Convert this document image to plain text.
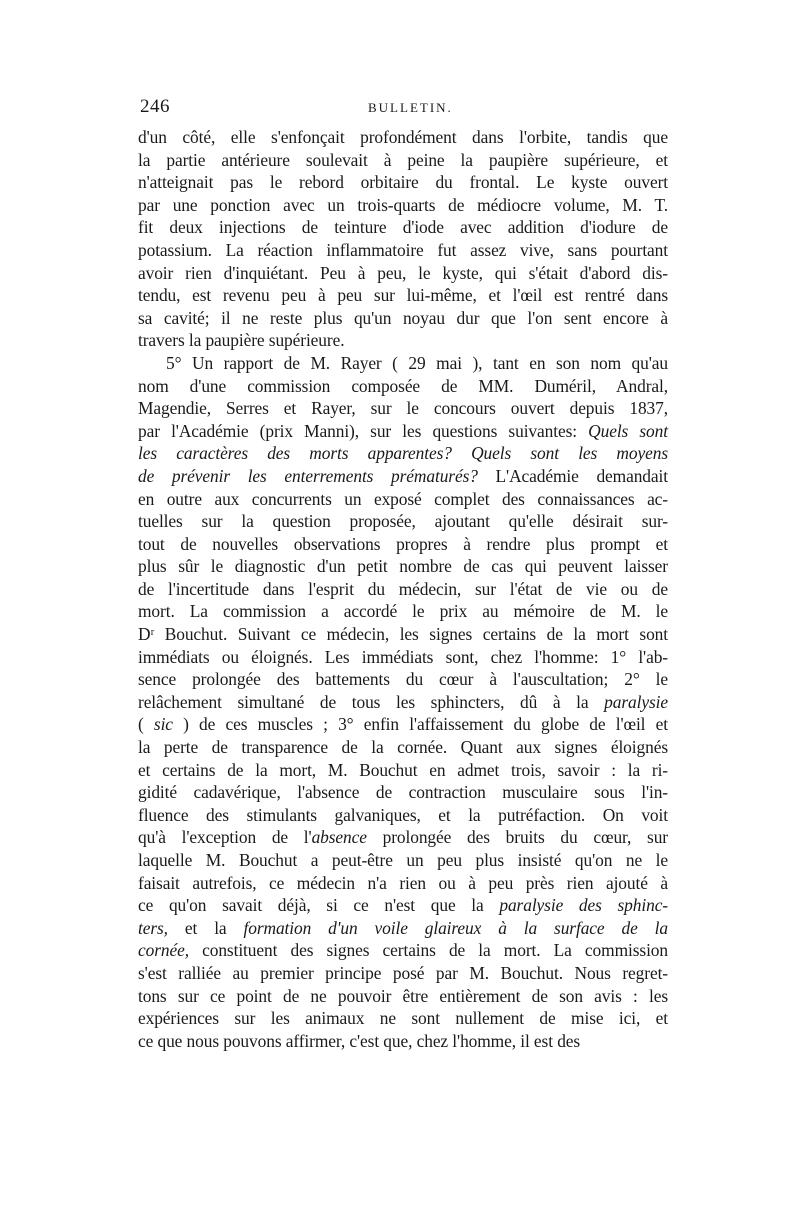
246	BULLETIN.
d'un côté, elle s'enfonçait profondément dans l'orbite, tandis que
la partie antérieure soulevait à peine la paupière supérieure, et
n'atteignait pas le rebord orbitaire du frontal. Le kyste ouvert
par une ponction avec un trois-quarts de médiocre volume, M. T.
fit deux injections de teinture d'iode avec addition d'iodure de
potassium. La réaction inflammatoire fut assez vive, sans pourtant
avoir rien d'inquiétant. Peu à peu, le kyste, qui s'était d'abord dis-
tendu, est revenu peu à peu sur lui-même, et l'œil est rentré dans
sa cavité; il ne reste plus qu'un noyau dur que l'on sent encore à
travers la paupière supérieure.
5° Un rapport de M. Rayer ( 29 mai ), tant en son nom qu'au
nom d'une commission composée de MM. Duméril, Andral,
Magendie, Serres et Rayer, sur le concours ouvert depuis 1837,
par l'Académie (prix Manni), sur les questions suivantes: Quels sont
les caractères des morts apparentes? Quels sont les moyens
de prévenir les enterrements prématurés? L'Académie demandait
en outre aux concurrents un exposé complet des connaissances ac-
tuelles sur la question proposée, ajoutant qu'elle désirait sur-
tout de nouvelles observations propres à rendre plus prompt et
plus sûr le diagnostic d'un petit nombre de cas qui peuvent laisser
de l'incertitude dans l'esprit du médecin, sur l'état de vie ou de
mort. La commission a accordé le prix au mémoire de M. le
Dʳ Bouchut. Suivant ce médecin, les signes certains de la mort sont
immédiats ou éloignés. Les immédiats sont, chez l'homme: 1° l'ab-
sence prolongée des battements du cœur à l'auscultation; 2° le
relâchement simultané de tous les sphincters, dû à la paralysie
( sic ) de ces muscles ; 3° enfin l'affaissement du globe de l'œil et
la perte de transparence de la cornée. Quant aux signes éloignés
et certains de la mort, M. Bouchut en admet trois, savoir : la ri-
gidité cadavérique, l'absence de contraction musculaire sous l'in-
fluence des stimulants galvaniques, et la putréfaction. On voit
qu'à l'exception de l'absence prolongée des bruits du cœur, sur
laquelle M. Bouchut a peut-être un peu plus insisté qu'on ne le
faisait autrefois, ce médecin n'a rien ou à peu près rien ajouté à
ce qu'on savait déjà, si ce n'est que la paralysie des sphinc-
ters, et la formation d'un voile glaireux à la surface de la
cornée, constituent des signes certains de la mort. La commission
s'est ralliée au premier principe posé par M. Bouchut. Nous regret-
tons sur ce point de ne pouvoir être entièrement de son avis : les
expériences sur les animaux ne sont nullement de mise ici, et
ce que nous pouvons affirmer, c'est que, chez l'homme, il est des
